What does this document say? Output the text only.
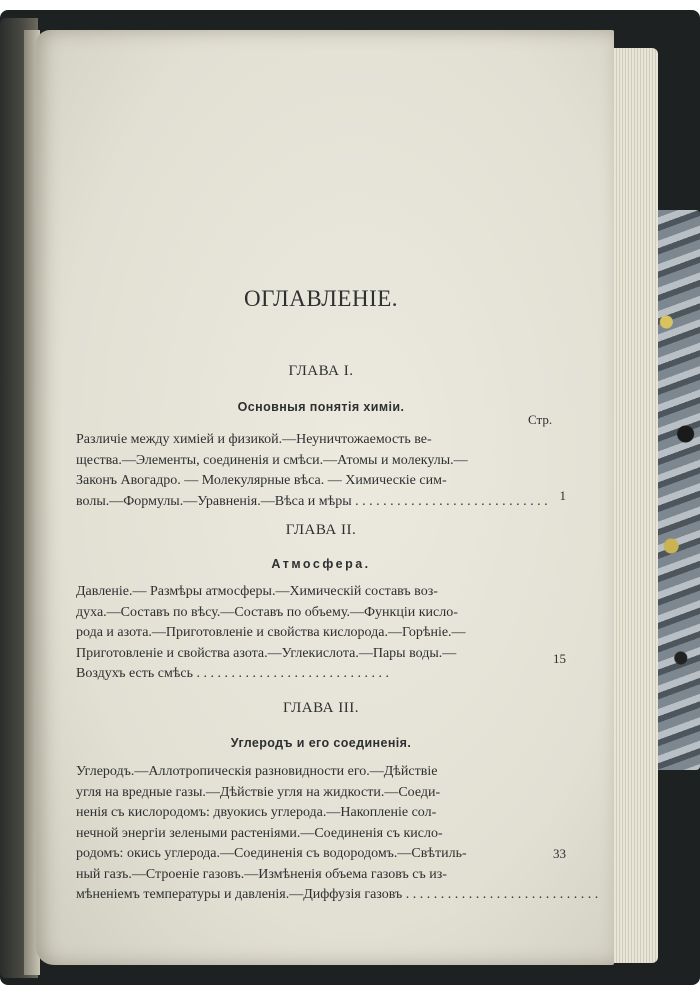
ОГЛАВЛЕНIE.
ГЛАВА I.
Основныя понятія химіи.
Стр.
Различіе между химіей и физикой.—Неуничтожаемость ве-
щества.—Элементы, соединенія и смѣси.—Атомы и молекулы.—
Законъ Авогадро. — Молекулярные вѣса. — Химическіе сим-
волы.—Формулы.—Уравненія.—Вѣса и мѣры . . . . . . . . . . . . . . . . . . . . . . . . . . . . 1
ГЛАВА II.
Атмосфера.
Давленіе.— Размѣры атмосферы.—Химическій составъ воз-
духа.—Составъ по вѣсу.—Составъ по объему.—Функціи кисло-
рода и азота.—Приготовленіе и свойства кислорода.—Горѣніе.—
Приготовленіе и свойства азота.—Углекислота.—Пары воды.—
Воздухъ есть смѣсь . . . . . . . . . . . . . . . . . . . . . . . . . . . .
15
ГЛАВА III.
Углеродъ и его соединенія.
Углеродъ.—Аллотропическія разновидности его.—Дѣйствіе
угля на вредные газы.—Дѣйствіе угля на жидкости.—Соеди-
ненія съ кислородомъ: двуокись углерода.—Накопленіе сол-
нечной энергіи зелеными растеніями.—Соединенія съ кисло-
родомъ: окись углерода.—Соединенія съ водородомъ.—Свѣтиль-
ный газъ.—Строеніе газовъ.—Измѣненія объема газовъ съ из-
мѣненіемъ температуры и давленія.—Диффузія газовъ . . . . . . . . . . . . . . . . . . . . . . . . . . . .
33
